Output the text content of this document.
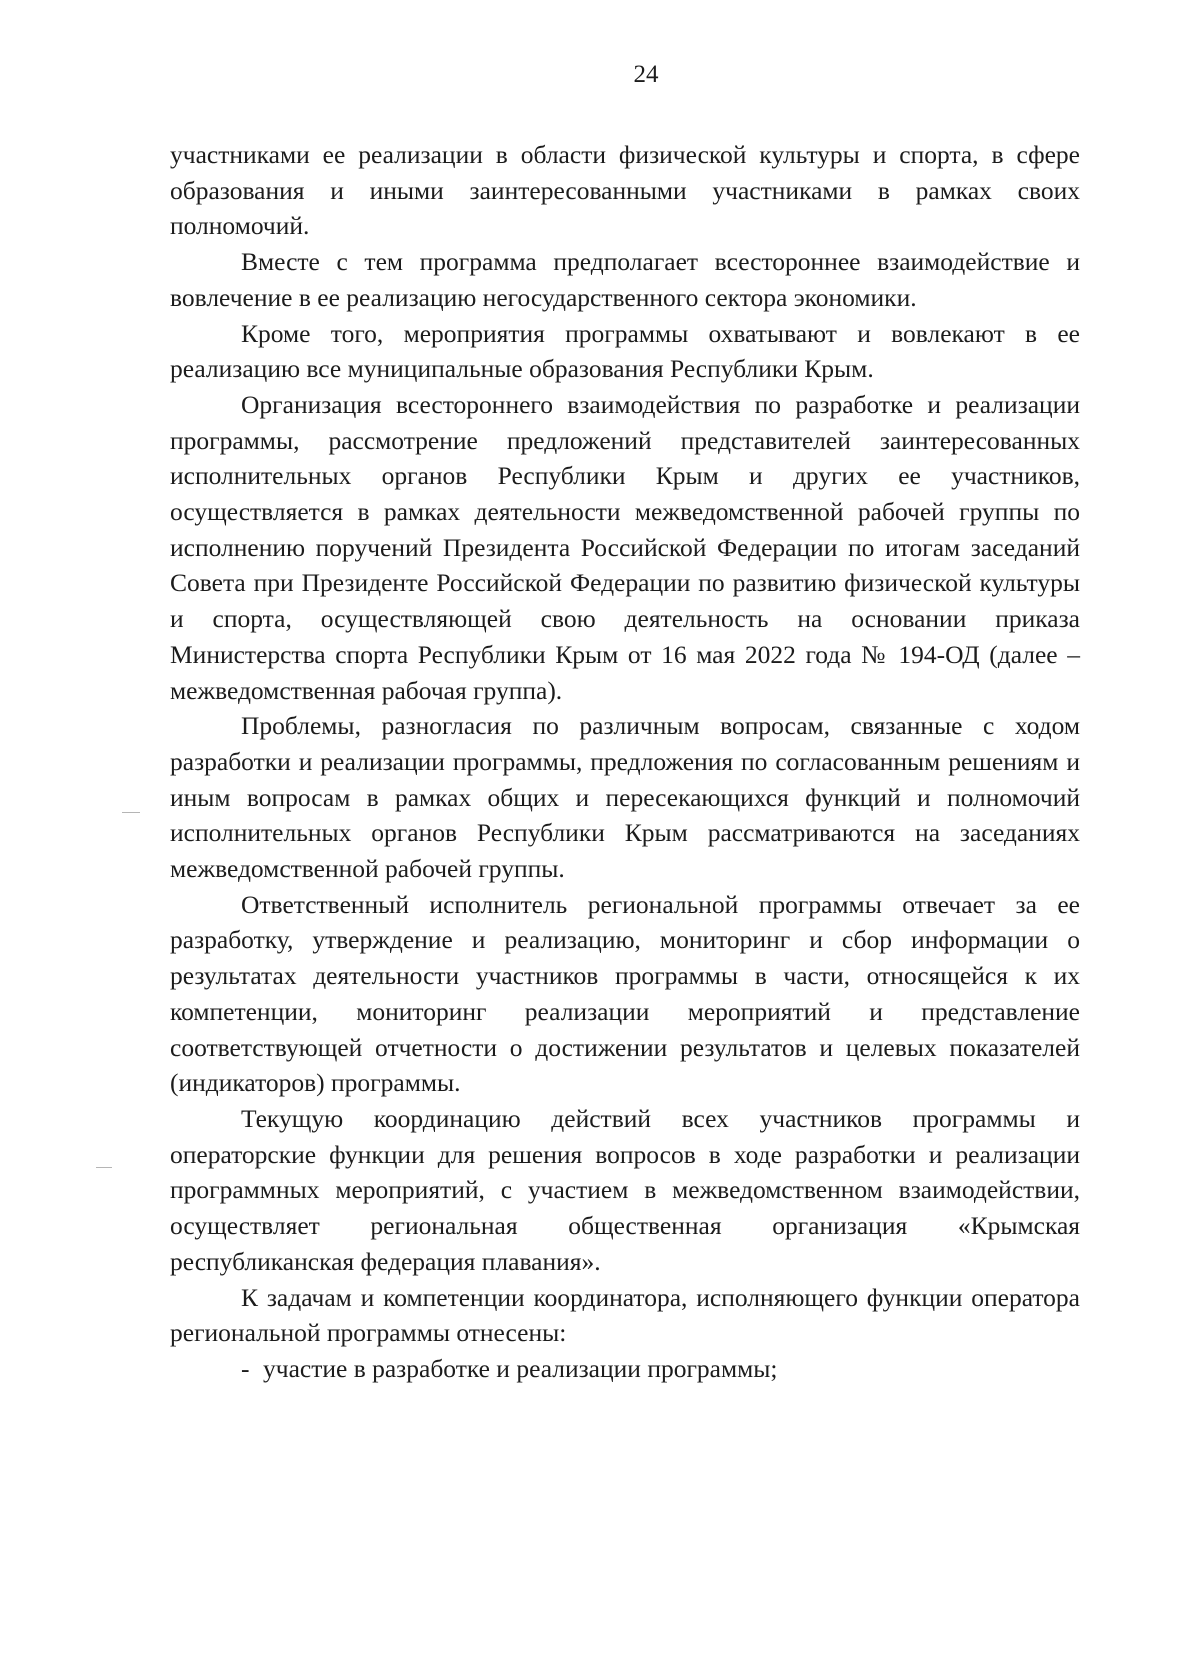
24

участниками ее реализации в области физической культуры и спорта, в сфере образования и иными заинтересованными участниками в рамках своих полномочий.

Вместе с тем программа предполагает всестороннее взаимодействие и вовлечение в ее реализацию негосударственного сектора экономики.

Кроме того, мероприятия программы охватывают и вовлекают в ее реализацию все муниципальные образования Республики Крым.

Организация всестороннего взаимодействия по разработке и реализации программы, рассмотрение предложений представителей заинтересованных исполнительных органов Республики Крым и других ее участников, осуществляется в рамках деятельности межведомственной рабочей группы по исполнению поручений Президента Российской Федерации по итогам заседаний Совета при Президенте Российской Федерации по развитию физической культуры и спорта, осуществляющей свою деятельность на основании приказа Министерства спорта Республики Крым от 16 мая 2022 года № 194-ОД (далее – межведомственная рабочая группа).

Проблемы, разногласия по различным вопросам, связанные с ходом разработки и реализации программы, предложения по согласованным решениям и иным вопросам в рамках общих и пересекающихся функций и полномочий исполнительных органов Республики Крым рассматриваются на заседаниях межведомственной рабочей группы.

Ответственный исполнитель региональной программы отвечает за ее разработку, утверждение и реализацию, мониторинг и сбор информации о результатах деятельности участников программы в части, относящейся к их компетенции, мониторинг реализации мероприятий и представление соответствующей отчетности о достижении результатов и целевых показателей (индикаторов) программы.

Текущую координацию действий всех участников программы и операторские функции для решения вопросов в ходе разработки и реализации программных мероприятий, с участием в межведомственном взаимодействии, осуществляет региональная общественная организация «Крымская республиканская федерация плавания».

К задачам и компетенции координатора, исполняющего функции оператора региональной программы отнесены:

- участие в разработке и реализации программы;
